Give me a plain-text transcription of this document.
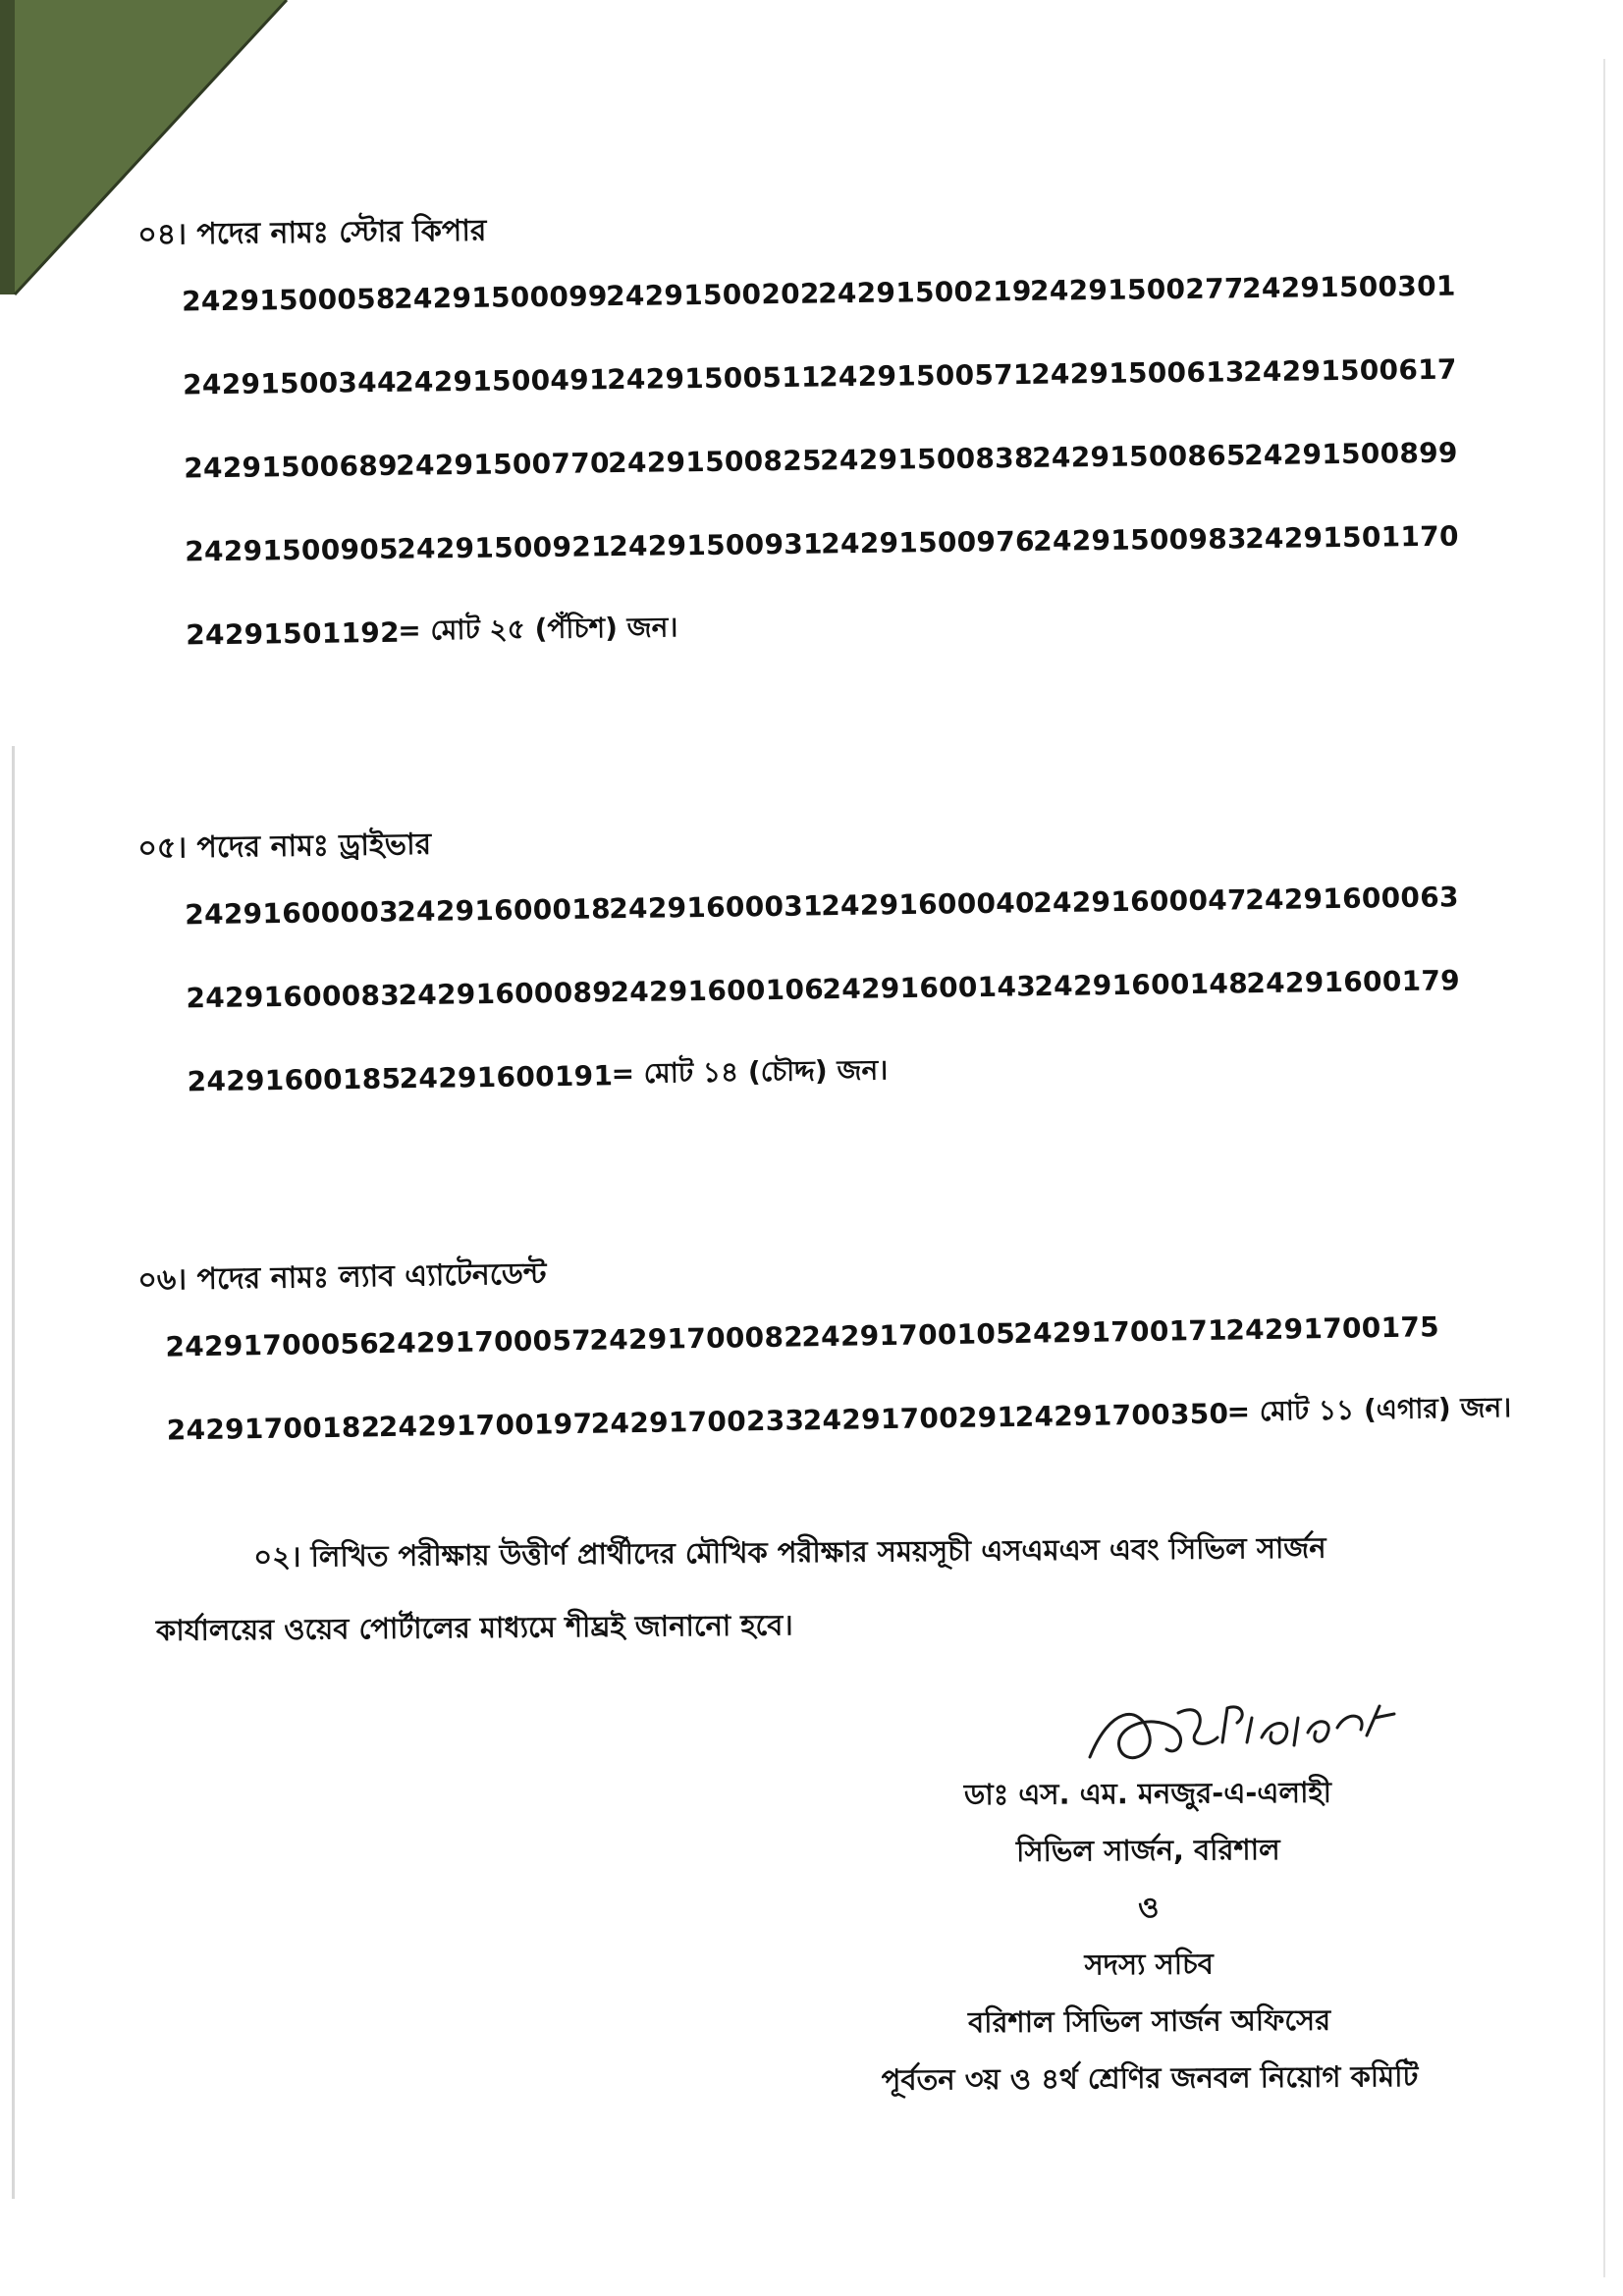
০৪। পদের নামঃ স্টোর কিপার
24291500058
24291500099
24291500202
24291500219
24291500277
24291500301
24291500344
24291500491
24291500511
24291500571
24291500613
24291500617
24291500689
24291500770
24291500825
24291500838
24291500865
24291500899
24291500905
24291500921
24291500931
24291500976
24291500983
24291501170
24291501192
= মোট ২৫ (পঁচিশ) জন।
০৫। পদের নামঃ ড্রাইভার
24291600003
24291600018
24291600031
24291600040
24291600047
24291600063
24291600083
24291600089
24291600106
24291600143
24291600148
24291600179
24291600185
24291600191
= মোট ১৪ (চৌদ্দ) জন।
০৬। পদের নামঃ ল্যাব এ্যাটেনডেন্ট
24291700056
24291700057
24291700082
24291700105
24291700171
24291700175
24291700182
24291700197
24291700233
24291700291
24291700350
= মোট ১১ (এগার) জন।
০২। লিখিত পরীক্ষায় উত্তীর্ণ প্রার্থীদের মৌখিক পরীক্ষার সময়সূচী এসএমএস এবং সিভিল সার্জন কার্যালয়ের ওয়েব পোর্টালের মাধ্যমে শীঘ্রই জানানো হবে।
ডাঃ এস. এম. মনজুর-এ-এলাহী
সিভিল সার্জন, বরিশাল
ও
সদস্য সচিব
বরিশাল সিভিল সার্জন অফিসের
পূর্বতন ৩য় ও ৪র্থ শ্রেণির জনবল নিয়োগ কমিটি
